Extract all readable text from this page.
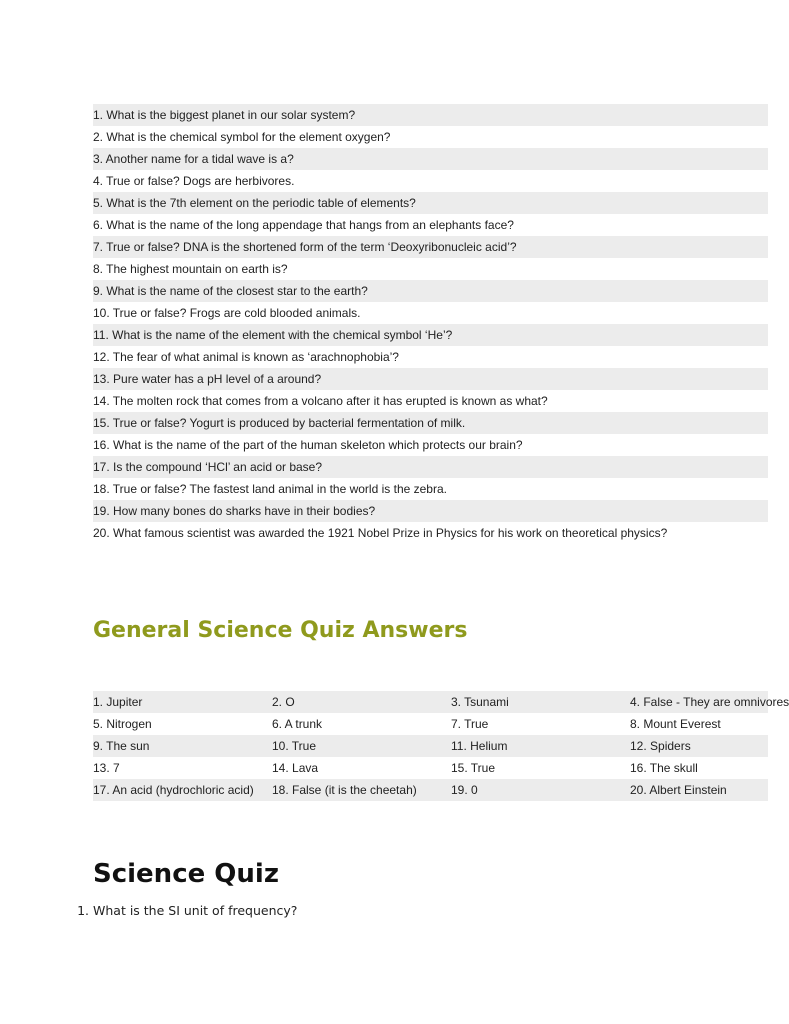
1. What is the biggest planet in our solar system?
2. What is the chemical symbol for the element oxygen?
3. Another name for a tidal wave is a?
4. True or false? Dogs are herbivores.
5. What is the 7th element on the periodic table of elements?
6. What is the name of the long appendage that hangs from an elephants face?
7. True or false? DNA is the shortened form of the term ‘Deoxyribonucleic acid’?
8. The highest mountain on earth is?
9. What is the name of the closest star to the earth?
10. True or false? Frogs are cold blooded animals.
11. What is the name of the element with the chemical symbol ‘He’?
12. The fear of what animal is known as ‘arachnophobia’?
13. Pure water has a pH level of a around?
14. The molten rock that comes from a volcano after it has erupted is known as what?
15. True or false? Yogurt is produced by bacterial fermentation of milk.
16. What is the name of the part of the human skeleton which protects our brain?
17. Is the compound ‘HCl’ an acid or base?
18. True or false? The fastest land animal in the world is the zebra.
19. How many bones do sharks have in their bodies?
20. What famous scientist was awarded the 1921 Nobel Prize in Physics for his work on theoretical physics?
General Science Quiz Answers
1. Jupiter	2. O	3. Tsunami	4. False - They are omnivores
5. Nitrogen	6. A trunk	7. True	8. Mount Everest
9. The sun	10. True	11. Helium	12. Spiders
13. 7	14. Lava	15. True	16. The skull
17. An acid (hydrochloric acid)	18. False (it is the cheetah)	19. 0	20. Albert Einstein
Science Quiz
1. What is the SI unit of frequency?
